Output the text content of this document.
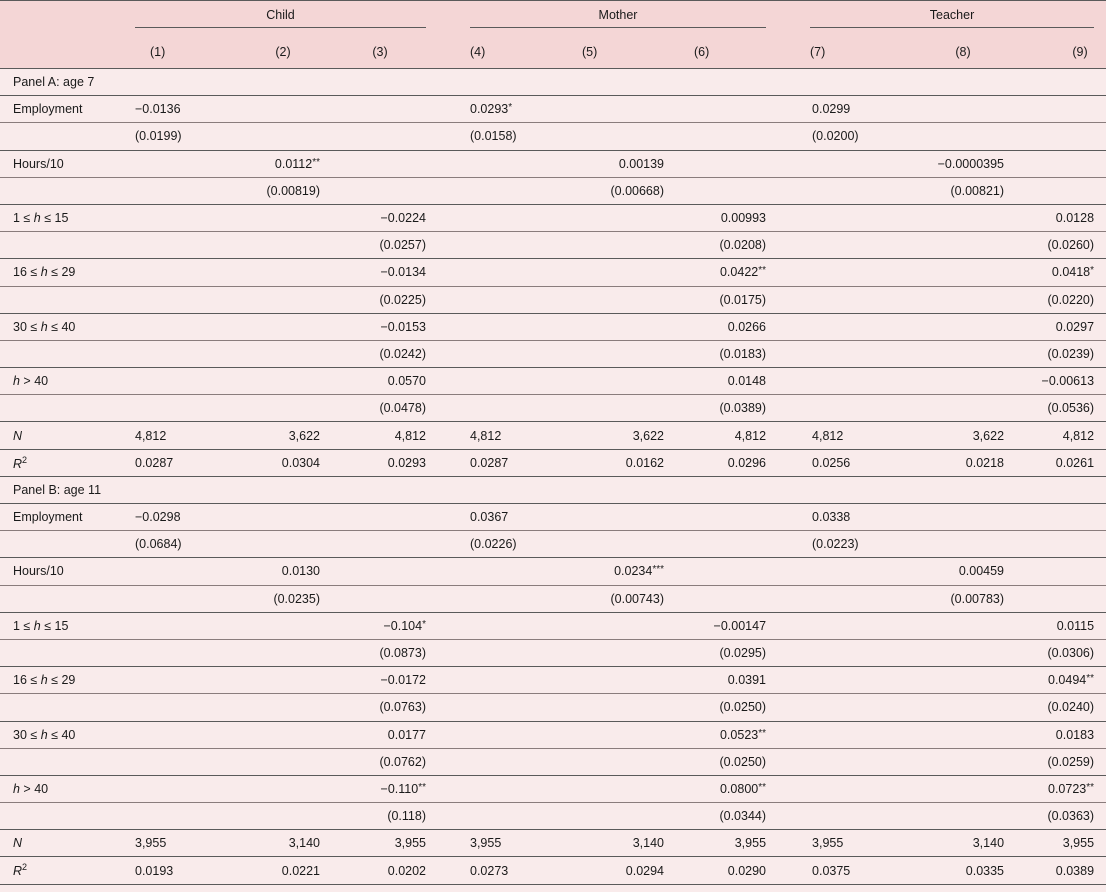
	Child				Mother				Teacher		

	(1)	(2)	(3)		(4)	(5)	(6)		(7)	(8)	(9)
Panel A: age 7											
Employment	−0.0136				0.0293*				0.0299		
	(0.0199)				(0.0158)				(0.0200)		
Hours/10		0.0112**				0.00139				−0.0000395	
		(0.00819)				(0.00668)				(0.00821)	
1 ≤ h ≤ 15			−0.0224				0.00993				0.0128
			(0.0257)				(0.0208)				(0.0260)
16 ≤ h ≤ 29			−0.0134				0.0422**				0.0418*
			(0.0225)				(0.0175)				(0.0220)
30 ≤ h ≤ 40			−0.0153				0.0266				0.0297
			(0.0242)				(0.0183)				(0.0239)
h > 40			0.0570				0.0148				−0.00613
			(0.0478)				(0.0389)				(0.0536)
N	4,812	3,622	4,812		4,812	3,622	4,812		4,812	3,622	4,812
$R^2$	0.0287	0.0304	0.0293		0.0287	0.0162	0.0296		0.0256	0.0218	0.0261
Panel B: age 11											
Employment	−0.0298				0.0367				0.0338		
	(0.0684)				(0.0226)				(0.0223)		
Hours/10		0.0130				0.0234***				0.00459	
		(0.0235)				(0.00743)				(0.00783)	
1 ≤ h ≤ 15			−0.104*				−0.00147				0.0115
			(0.0873)				(0.0295)				(0.0306)
16 ≤ h ≤ 29			−0.0172				0.0391				0.0494**
			(0.0763)				(0.0250)				(0.0240)
30 ≤ h ≤ 40			0.0177				0.0523**				0.0183
			(0.0762)				(0.0250)				(0.0259)
h > 40			−0.110**				0.0800**				0.0723**
			(0.118)				(0.0344)				(0.0363)
N	3,955	3,140	3,955		3,955	3,140	3,955		3,955	3,140	3,955
$R^2$	0.0193	0.0221	0.0202		0.0273	0.0294	0.0290		0.0375	0.0335	0.0389
